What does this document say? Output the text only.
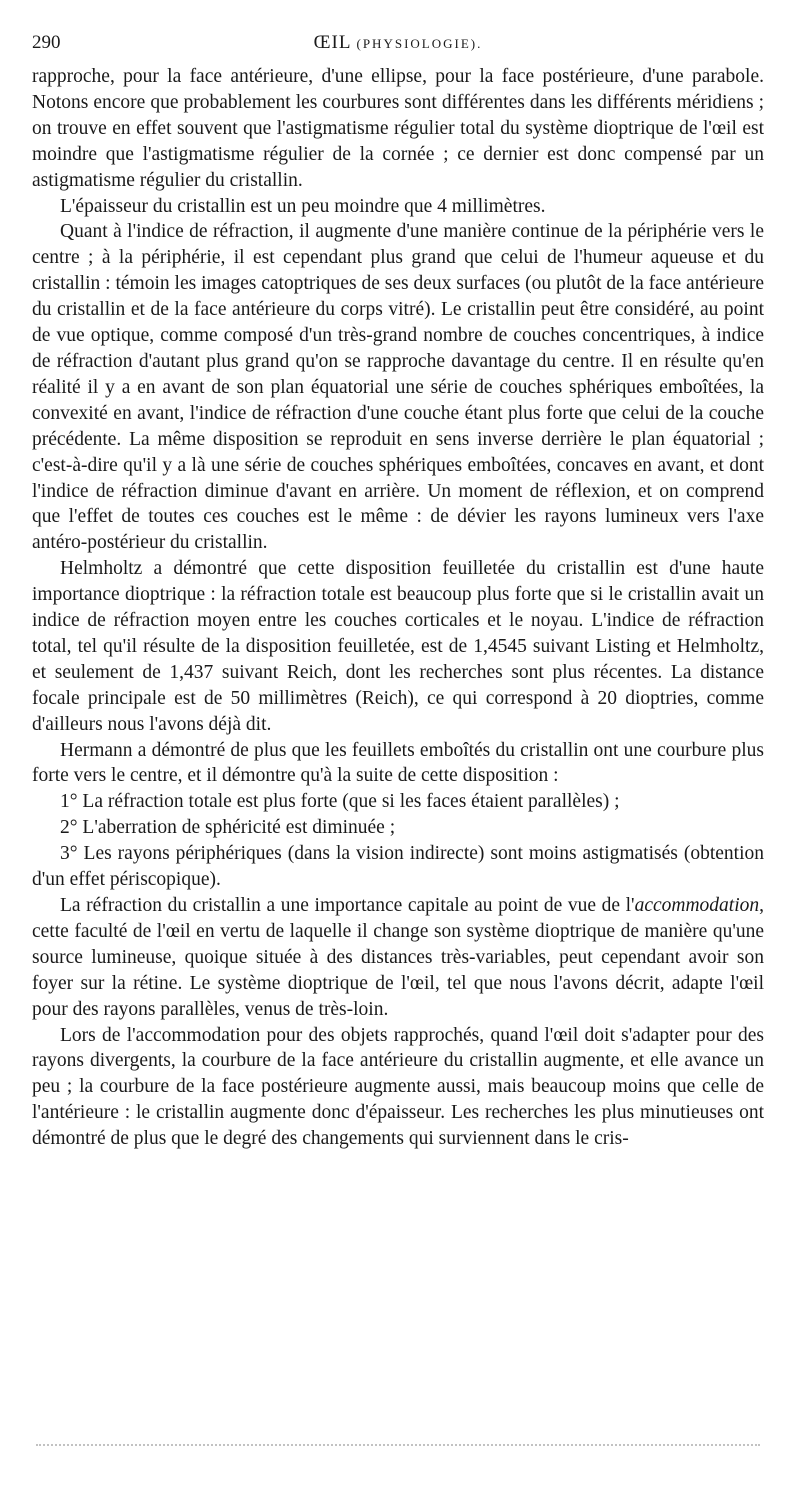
290	ŒIL (PHYSIOLOGIE).

rapproche, pour la face antérieure, d'une ellipse, pour la face postérieure, d'une parabole. Notons encore que probablement les courbures sont différentes dans les différents méridiens ; on trouve en effet souvent que l'astigmatisme régulier total du système dioptrique de l'œil est moindre que l'astigmatisme régulier de la cornée ; ce dernier est donc compensé par un astigmatisme régulier du cristallin.

L'épaisseur du cristallin est un peu moindre que 4 millimètres.

Quant à l'indice de réfraction, il augmente d'une manière continue de la périphérie vers le centre ; à la périphérie, il est cependant plus grand que celui de l'humeur aqueuse et du cristallin : témoin les images catoptriques de ses deux surfaces (ou plutôt de la face antérieure du cristallin et de la face antérieure du corps vitré). Le cristallin peut être considéré, au point de vue optique, comme composé d'un très-grand nombre de couches concentriques, à indice de réfraction d'autant plus grand qu'on se rapproche davantage du centre. Il en résulte qu'en réalité il y a en avant de son plan équatorial une série de couches sphériques emboîtées, la convexité en avant, l'indice de réfraction d'une couche étant plus forte que celui de la couche précédente. La même disposition se reproduit en sens inverse derrière le plan équatorial ; c'est-à-dire qu'il y a là une série de couches sphériques emboîtées, concaves en avant, et dont l'indice de réfraction diminue d'avant en arrière. Un moment de réflexion, et on comprend que l'effet de toutes ces couches est le même : de dévier les rayons lumineux vers l'axe antéro-postérieur du cristallin.

Helmholtz a démontré que cette disposition feuilletée du cristallin est d'une haute importance dioptrique : la réfraction totale est beaucoup plus forte que si le cristallin avait un indice de réfraction moyen entre les couches corticales et le noyau. L'indice de réfraction total, tel qu'il résulte de la disposition feuilletée, est de 1,4545 suivant Listing et Helmholtz, et seulement de 1,437 suivant Reich, dont les recherches sont plus récentes. La distance focale principale est de 50 millimètres (Reich), ce qui correspond à 20 dioptries, comme d'ailleurs nous l'avons déjà dit.

Hermann a démontré de plus que les feuillets emboîtés du cristallin ont une courbure plus forte vers le centre, et il démontre qu'à la suite de cette disposition :

1° La réfraction totale est plus forte (que si les faces étaient parallèles) ;

2° L'aberration de sphéricité est diminuée ;

3° Les rayons périphériques (dans la vision indirecte) sont moins astigmatisés (obtention d'un effet périscopique).

La réfraction du cristallin a une importance capitale au point de vue de l'accommodation, cette faculté de l'œil en vertu de laquelle il change son système dioptrique de manière qu'une source lumineuse, quoique située à des distances très-variables, peut cependant avoir son foyer sur la rétine. Le système dioptrique de l'œil, tel que nous l'avons décrit, adapte l'œil pour des rayons parallèles, venus de très-loin.

Lors de l'accommodation pour des objets rapprochés, quand l'œil doit s'adapter pour des rayons divergents, la courbure de la face antérieure du cristallin augmente, et elle avance un peu ; la courbure de la face postérieure augmente aussi, mais beaucoup moins que celle de l'antérieure : le cristallin augmente donc d'épaisseur. Les recherches les plus minutieuses ont démontré de plus que le degré des changements qui surviennent dans le cris-
